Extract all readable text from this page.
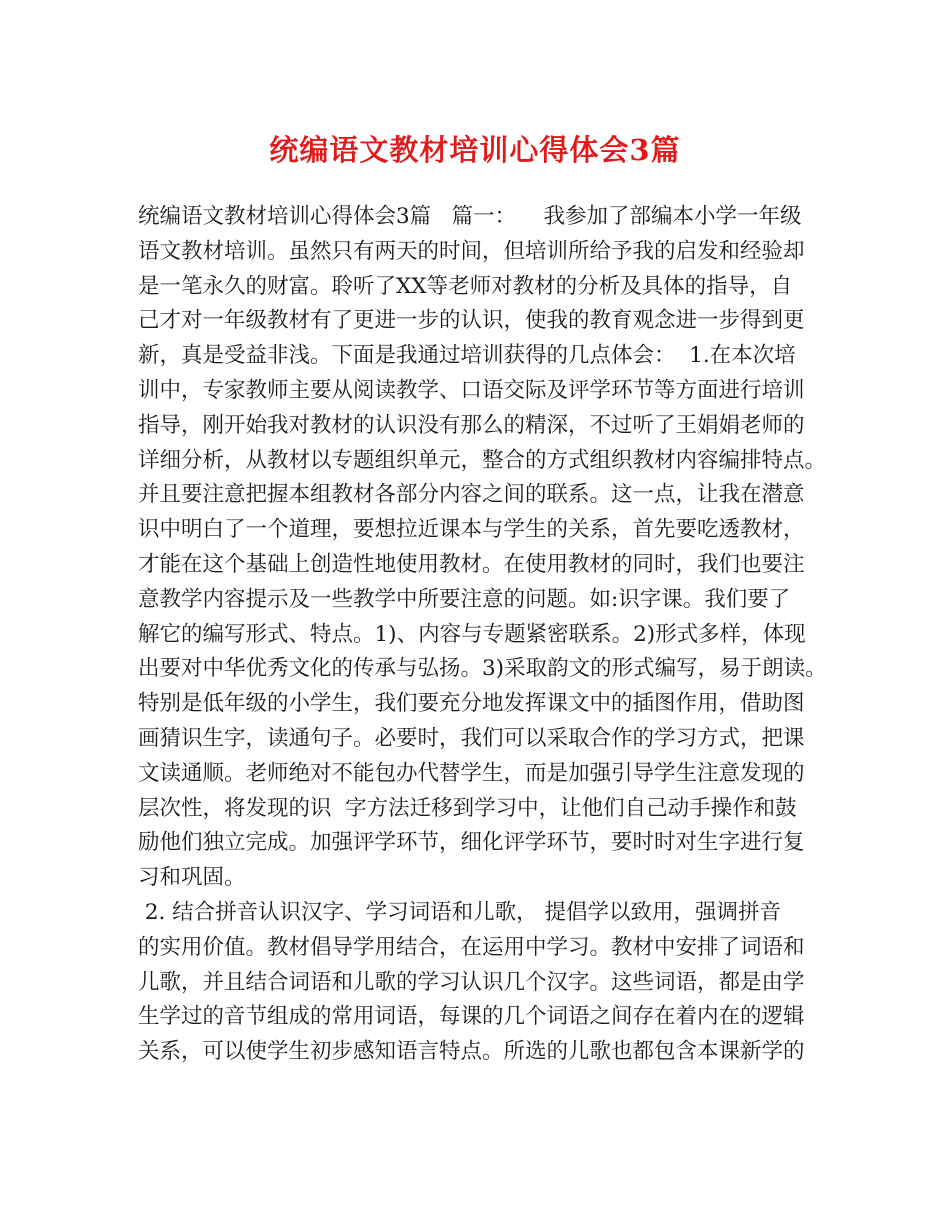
统编语文教材培训心得体会3篇
统编语文教材培训心得体会3篇   篇一：    我参加了部编本小学一年级
语文教材培训。虽然只有两天的时间，但培训所给予我的启发和经验却
是一笔永久的财富。聆听了XX等老师对教材的分析及具体的指导，自
己才对一年级教材有了更进一步的认识，使我的教育观念进一步得到更
新，真是受益非浅。下面是我通过培训获得的几点体会：  1.在本次培
训中，专家教师主要从阅读教学、口语交际及评学环节等方面进行培训
指导，刚开始我对教材的认识没有那么的精深，不过听了王娟娟老师的
详细分析，从教材以专题组织单元，整合的方式组织教材内容编排特点。
并且要注意把握本组教材各部分内容之间的联系。这一点，让我在潜意
识中明白了一个道理，要想拉近课本与学生的关系，首先要吃透教材，
才能在这个基础上创造性地使用教材。在使用教材的同时，我们也要注
意教学内容提示及一些教学中所要注意的问题。如:识字课。我们要了
解它的编写形式、特点。1)、内容与专题紧密联系。2)形式多样，体现
出要对中华优秀文化的传承与弘扬。3)采取韵文的形式编写，易于朗读。
特别是低年级的小学生，我们要充分地发挥课文中的插图作用，借助图
画猜识生字，读通句子。必要时，我们可以采取合作的学习方式，把课
文读通顺。老师绝对不能包办代替学生，而是加强引导学生注意发现的
层次性，将发现的识  字方法迁移到学习中，让他们自己动手操作和鼓
励他们独立完成。加强评学环节，细化评学环节，要时时对生字进行复
习和巩固。
2. 结合拼音认识汉字、学习词语和儿歌， 提倡学以致用，强调拼音
的实用价值。教材倡导学用结合，在运用中学习。教材中安排了词语和
儿歌，并且结合词语和儿歌的学习认识几个汉字。这些词语，都是由学
生学过的音节组成的常用词语，每课的几个词语之间存在着内在的逻辑
关系，可以使学生初步感知语言特点。所选的儿歌也都包含本课新学的
